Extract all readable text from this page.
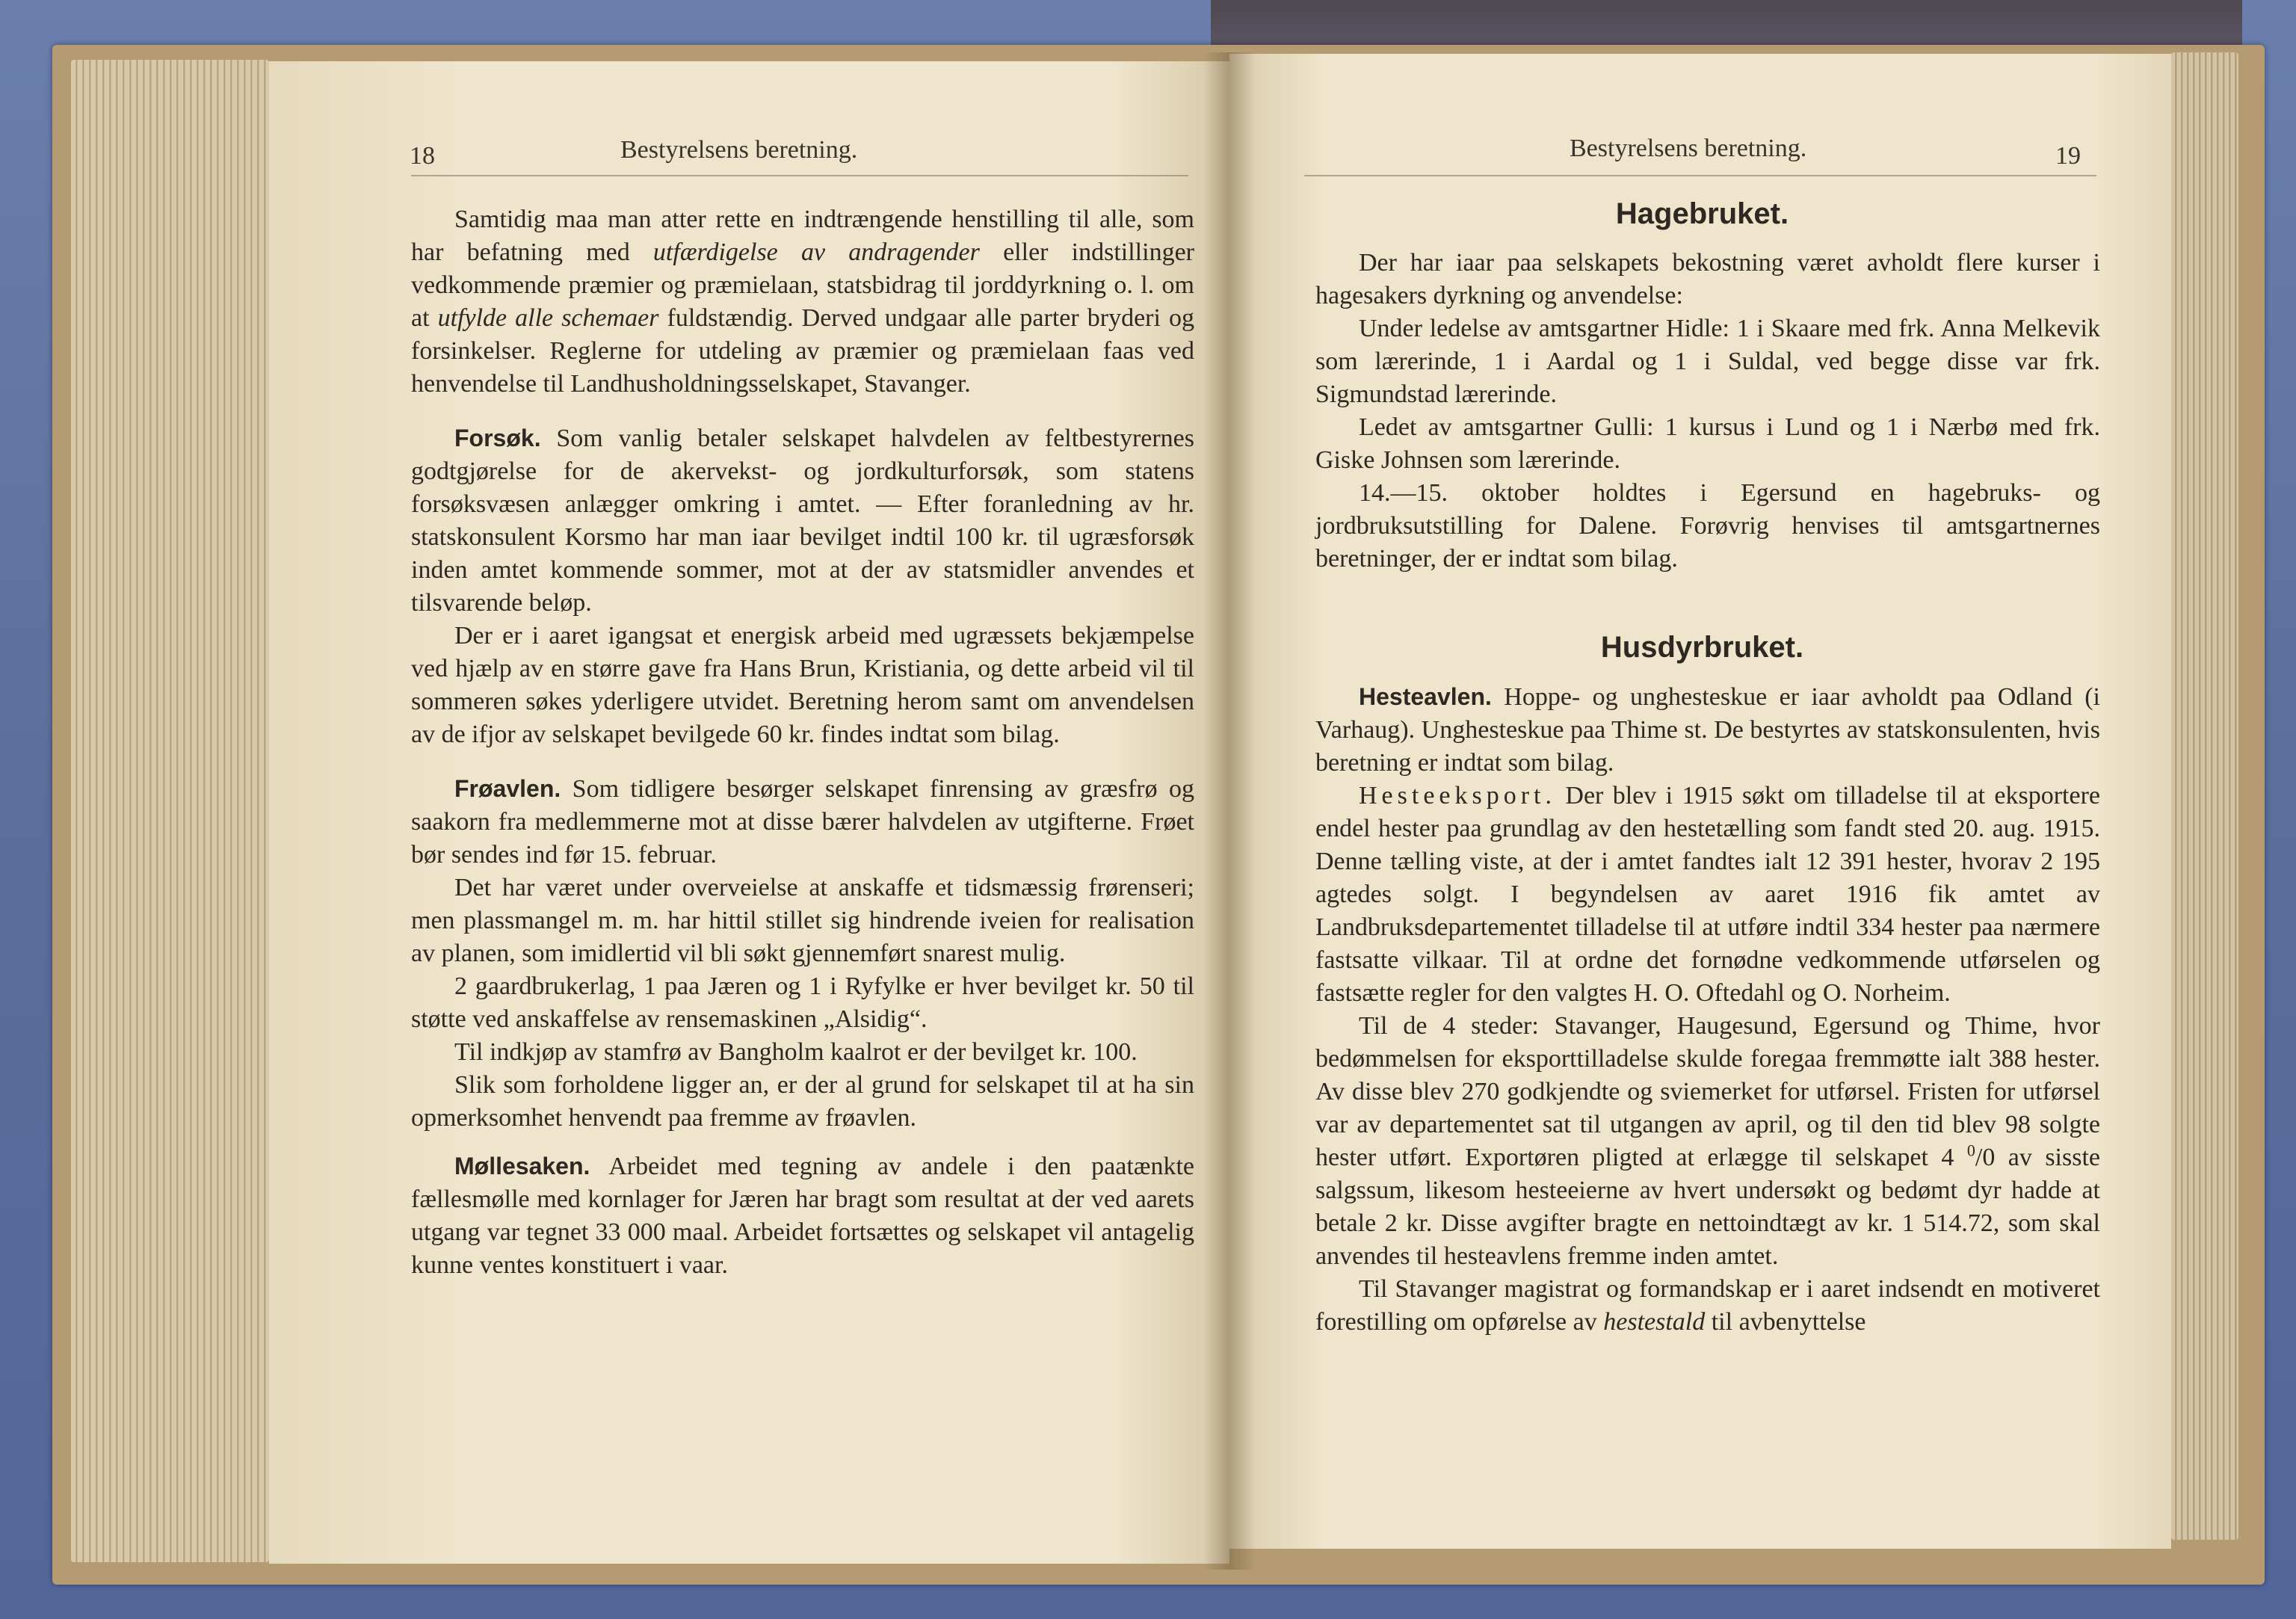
18	Bestyrelsens beretning.

Samtidig maa man atter rette en indtrængende henstilling til alle, som har befatning med utfærdigelse av andragender eller indstillinger vedkommende præmier og præmielaan, statsbidrag til jorddyrkning o. l. om at utfylde alle schemaer fuldstændig. Derved undgaar alle parter bryderi og forsinkelser. Reglerne for utdeling av præmier og præmielaan faas ved henvendelse til Landhusholdningsselskapet, Stavanger.

Forsøk. Som vanlig betaler selskapet halvdelen av feltbestyrernes godtgjørelse for de akervekst- og jordkulturforsøk, som statens forsøksvæsen anlægger omkring i amtet. — Efter foranledning av hr. statskonsulent Korsmo har man iaar bevilget indtil 100 kr. til ugræsforsøk inden amtet kommende sommer, mot at der av statsmidler anvendes et tilsvarende beløp.

Der er i aaret igangsat et energisk arbeid med ugræssets bekjæmpelse ved hjælp av en større gave fra Hans Brun, Kristiania, og dette arbeid vil til sommeren søkes yderligere utvidet. Beretning herom samt om anvendelsen av de ifjor av selskapet bevilgede 60 kr. findes indtat som bilag.

Frøavlen. Som tidligere besørger selskapet finrensing av græsfrø og saakorn fra medlemmerne mot at disse bærer halvdelen av utgifterne. Frøet bør sendes ind før 15. februar.

Det har været under overveielse at anskaffe et tidsmæssig frørenseri; men plassmangel m. m. har hittil stillet sig hindrende iveien for realisation av planen, som imidlertid vil bli søkt gjennemført snarest mulig.

2 gaardbrukerlag, 1 paa Jæren og 1 i Ryfylke er hver bevilget kr. 50 til støtte ved anskaffelse av rensemaskinen „Alsidig“.

Til indkjøp av stamfrø av Bangholm kaalrot er der bevilget kr. 100.

Slik som forholdene ligger an, er der al grund for selskapet til at ha sin opmerksomhet henvendt paa fremme av frøavlen.

Møllesaken. Arbeidet med tegning av andele i den paatænkte fællesmølle med kornlager for Jæren har bragt som resultat at der ved aarets utgang var tegnet 33 000 maal. Arbeidet fortsættes og selskapet vil antagelig kunne ventes konstituert i vaar.

Bestyrelsens beretning.	19
Hagebruket.

Der har iaar paa selskapets bekostning været avholdt flere kurser i hagesakers dyrkning og anvendelse:

Under ledelse av amtsgartner Hidle: 1 i Skaare med frk. Anna Melkevik som lærerinde, 1 i Aardal og 1 i Suldal, ved begge disse var frk. Sigmundstad lærerinde.

Ledet av amtsgartner Gulli: 1 kursus i Lund og 1 i Nærbø med frk. Giske Johnsen som lærerinde.

14.—15. oktober holdtes i Egersund en hagebruks- og jordbruksutstilling for Dalene. Forøvrig henvises til amtsgartnernes beretninger, der er indtat som bilag.

Husdyrbruket.

Hesteavlen. Hoppe- og unghesteskue er iaar avholdt paa Odland (i Varhaug). Unghesteskue paa Thime st. De bestyrtes av statskonsulenten, hvis beretning er indtat som bilag.

Hesteeksport. Der blev i 1915 søkt om tilladelse til at eksportere endel hester paa grundlag av den hestetælling som fandt sted 20. aug. 1915. Denne tælling viste, at der i amtet fandtes ialt 12 391 hester, hvorav 2 195 agtedes solgt. I begyndelsen av aaret 1916 fik amtet av Landbruksdepartementet tilladelse til at utføre indtil 334 hester paa nærmere fastsatte vilkaar. Til at ordne det fornødne vedkommende utførselen og fastsætte regler for den valgtes H. O. Oftedahl og O. Norheim.

Til de 4 steder: Stavanger, Haugesund, Egersund og Thime, hvor bedømmelsen for eksporttilladelse skulde foregaa fremmøtte ialt 388 hester. Av disse blev 270 godkjendte og sviemerket for utførsel. Fristen for utførsel var av departementet sat til utgangen av april, og til den tid blev 98 solgte hester utført. Exportøren pligted at erlægge til selskapet 4 $^0$/0 av sisste salgssum, likesom hesteeierne av hvert undersøkt og bedømt dyr hadde at betale 2 kr. Disse avgifter bragte en nettoindtægt av kr. 1 514.72, som skal anvendes til hesteavlens fremme inden amtet.

Til Stavanger magistrat og formandskap er i aaret indsendt en motiveret forestilling om opførelse av hestestald til avbenyttelse
